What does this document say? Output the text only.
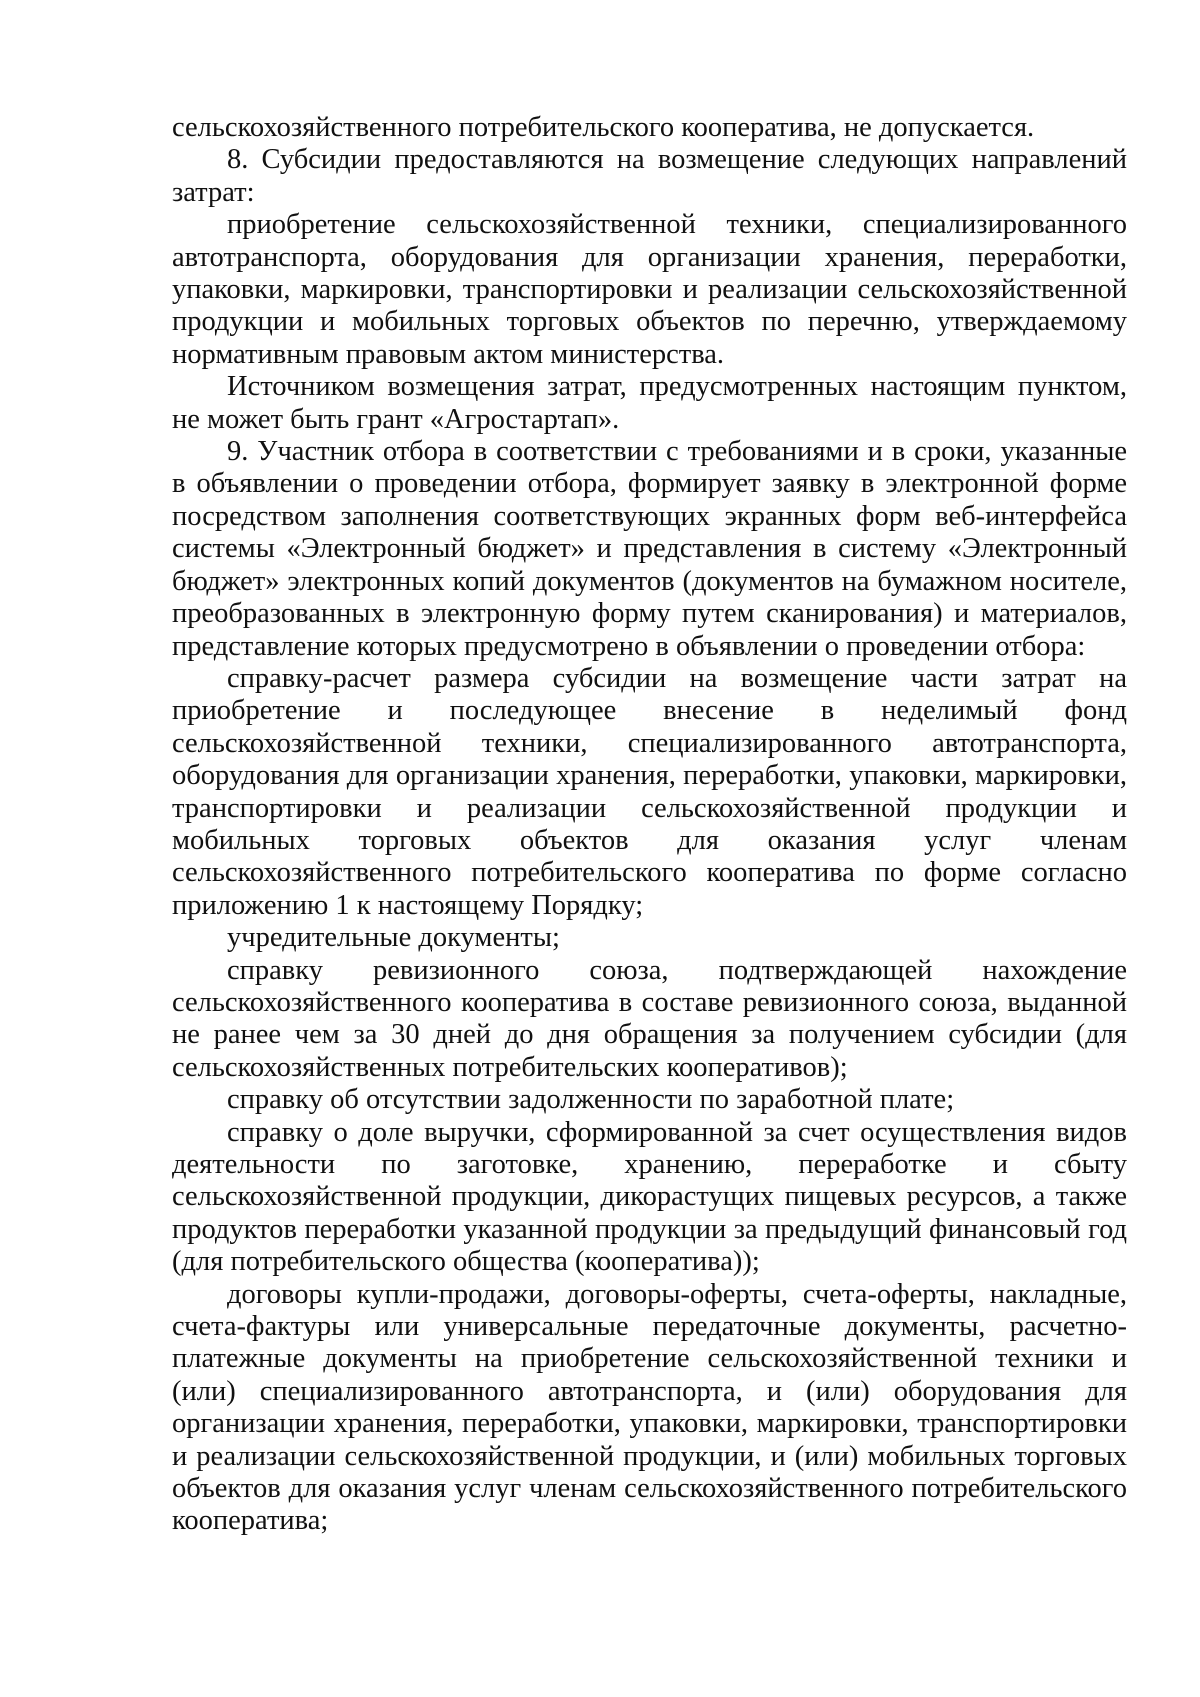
сельскохозяйственного потребительского кооператива, не допускается.

8. Субсидии предоставляются на возмещение следующих направлений затрат:

приобретение сельскохозяйственной техники, специализированного автотранспорта, оборудования для организации хранения, переработки, упаковки, маркировки, транспортировки и реализации сельскохозяйственной продукции и мобильных торговых объектов по перечню, утверждаемому нормативным правовым актом министерства.

Источником возмещения затрат, предусмотренных настоящим пунктом, не может быть грант «Агростартап».

9. Участник отбора в соответствии с требованиями и в сроки, указанные в объявлении о проведении отбора, формирует заявку в электронной форме посредством заполнения соответствующих экранных форм веб-интерфейса системы «Электронный бюджет» и представления в систему «Электронный бюджет» электронных копий документов (документов на бумажном носителе, преобразованных в электронную форму путем сканирования) и материалов, представление которых предусмотрено в объявлении о проведении отбора:

справку-расчет размера субсидии на возмещение части затрат на приобретение и последующее внесение в неделимый фонд сельскохозяйственной техники, специализированного автотранспорта, оборудования для организации хранения, переработки, упаковки, маркировки, транспортировки и реализации сельскохозяйственной продукции и мобильных торговых объектов для оказания услуг членам сельскохозяйственного потребительского кооператива по форме согласно приложению 1 к настоящему Порядку;

учредительные документы;

справку ревизионного союза, подтверждающей нахождение сельскохозяйственного кооператива в составе ревизионного союза, выданной не ранее чем за 30 дней до дня обращения за получением субсидии (для сельскохозяйственных потребительских кооперативов);

справку об отсутствии задолженности по заработной плате;

справку о доле выручки, сформированной за счет осуществления видов деятельности по заготовке, хранению, переработке и сбыту сельскохозяйственной продукции, дикорастущих пищевых ресурсов, а также продуктов переработки указанной продукции за предыдущий финансовый год (для потребительского общества (кооператива));

договоры купли-продажи, договоры-оферты, счета-оферты, накладные, счета-фактуры или универсальные передаточные документы, расчетно-платежные документы на приобретение сельскохозяйственной техники и (или) специализированного автотранспорта, и (или) оборудования для организации хранения, переработки, упаковки, маркировки, транспортировки и реализации сельскохозяйственной продукции, и (или) мобильных торговых объектов для оказания услуг членам сельскохозяйственного потребительского кооператива;
